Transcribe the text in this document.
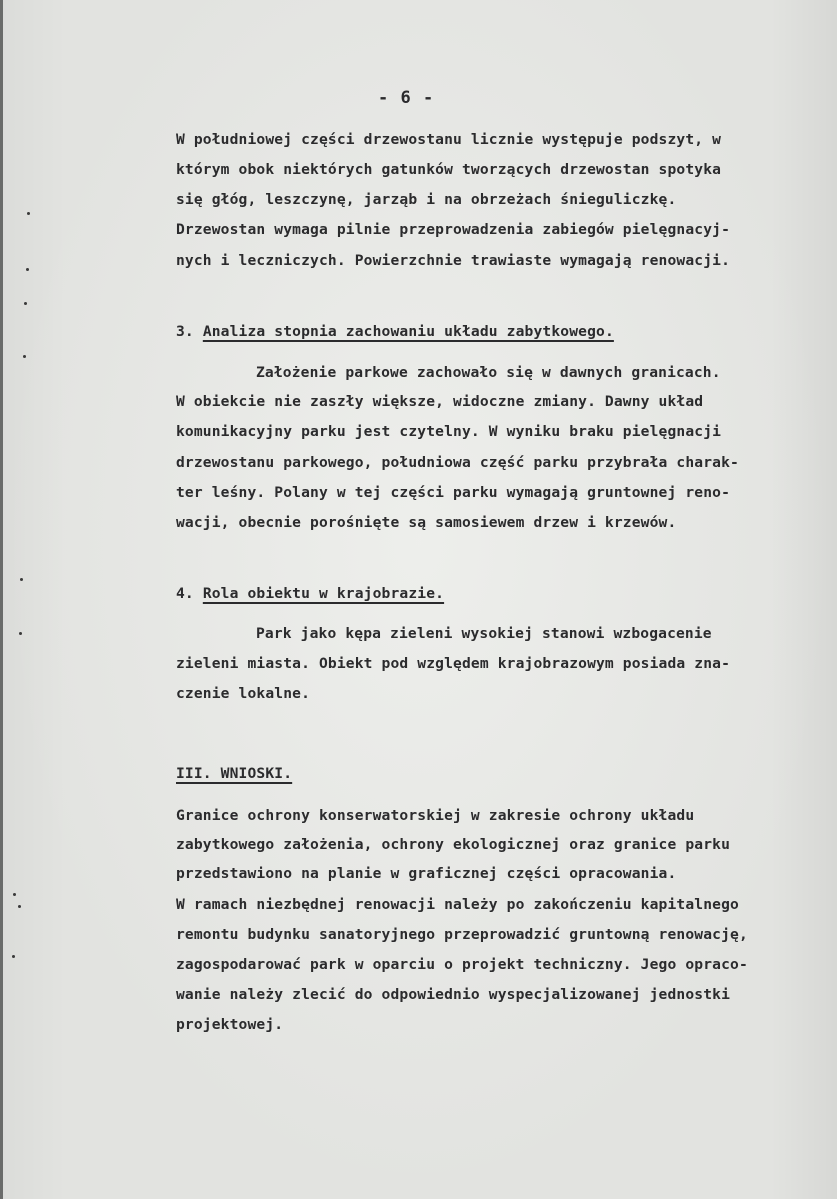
- 6 -
W południowej części drzewostanu licznie występuje podszyt, w
którym obok niektórych gatunków tworzących drzewostan spotyka
się głóg, leszczynę, jarząb i na obrzeżach śnieguliczkę.
Drzewostan wymaga pilnie przeprowadzenia zabiegów pielęgnacyj-
nych i leczniczych. Powierzchnie trawiaste wymagają renowacji.
3. Analiza stopnia zachowaniu układu zabytkowego.
Założenie parkowe zachowało się w dawnych granicach.
W obiekcie nie zaszły większe, widoczne zmiany. Dawny układ
komunikacyjny parku jest czytelny. W wyniku braku pielęgnacji
drzewostanu parkowego, południowa część parku przybrała charak-
ter leśny. Polany w tej części parku wymagają gruntownej reno-
wacji, obecnie porośnięte są samosiewem drzew i krzewów.
4. Rola obiektu w krajobrazie.
Park jako kępa zieleni wysokiej stanowi wzbogacenie
zieleni miasta. Obiekt pod względem krajobrazowym posiada zna-
czenie lokalne.
III. WNIOSKI.
Granice ochrony konserwatorskiej w zakresie ochrony układu
zabytkowego założenia, ochrony ekologicznej oraz granice parku
przedstawiono na planie w graficznej części opracowania.
W ramach niezbędnej renowacji należy po zakończeniu kapitalnego
remontu budynku sanatoryjnego przeprowadzić gruntowną renowację,
zagospodarować park w oparciu o projekt techniczny. Jego opraco-
wanie należy zlecić do odpowiednio wyspecjalizowanej jednostki
projektowej.
